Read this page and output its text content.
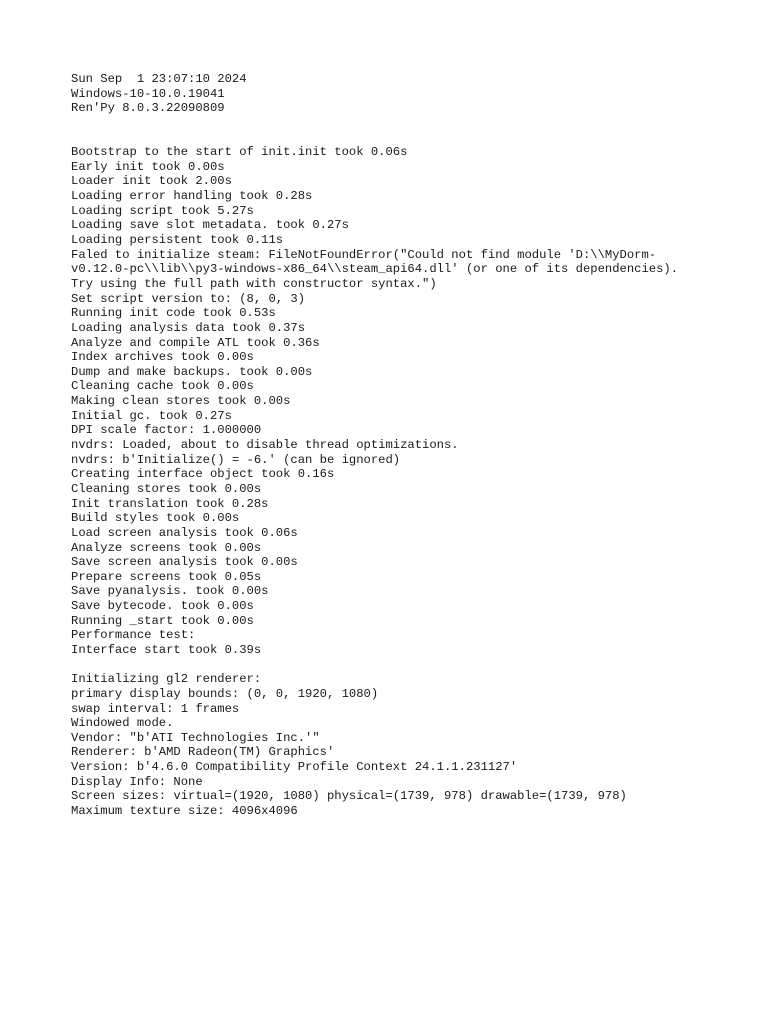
Sun Sep  1 23:07:10 2024
Windows-10-10.0.19041
Ren'Py 8.0.3.22090809
Bootstrap to the start of init.init took 0.06s
Early init took 0.00s
Loader init took 2.00s
Loading error handling took 0.28s
Loading script took 5.27s
Loading save slot metadata. took 0.27s
Loading persistent took 0.11s
Faled to initialize steam: FileNotFoundError("Could not find module 'D:\\MyDorm-
v0.12.0-pc\\lib\\py3-windows-x86_64\\steam_api64.dll' (or one of its dependencies).
Try using the full path with constructor syntax.")
Set script version to: (8, 0, 3)
Running init code took 0.53s
Loading analysis data took 0.37s
Analyze and compile ATL took 0.36s
Index archives took 0.00s
Dump and make backups. took 0.00s
Cleaning cache took 0.00s
Making clean stores took 0.00s
Initial gc. took 0.27s
DPI scale factor: 1.000000
nvdrs: Loaded, about to disable thread optimizations.
nvdrs: b'Initialize() = -6.' (can be ignored)
Creating interface object took 0.16s
Cleaning stores took 0.00s
Init translation took 0.28s
Build styles took 0.00s
Load screen analysis took 0.06s
Analyze screens took 0.00s
Save screen analysis took 0.00s
Prepare screens took 0.05s
Save pyanalysis. took 0.00s
Save bytecode. took 0.00s
Running _start took 0.00s
Performance test:
Interface start took 0.39s
Initializing gl2 renderer:
primary display bounds: (0, 0, 1920, 1080)
swap interval: 1 frames
Windowed mode.
Vendor: "b'ATI Technologies Inc.'"
Renderer: b'AMD Radeon(TM) Graphics'
Version: b'4.6.0 Compatibility Profile Context 24.1.1.231127'
Display Info: None
Screen sizes: virtual=(1920, 1080) physical=(1739, 978) drawable=(1739, 978)
Maximum texture size: 4096x4096
